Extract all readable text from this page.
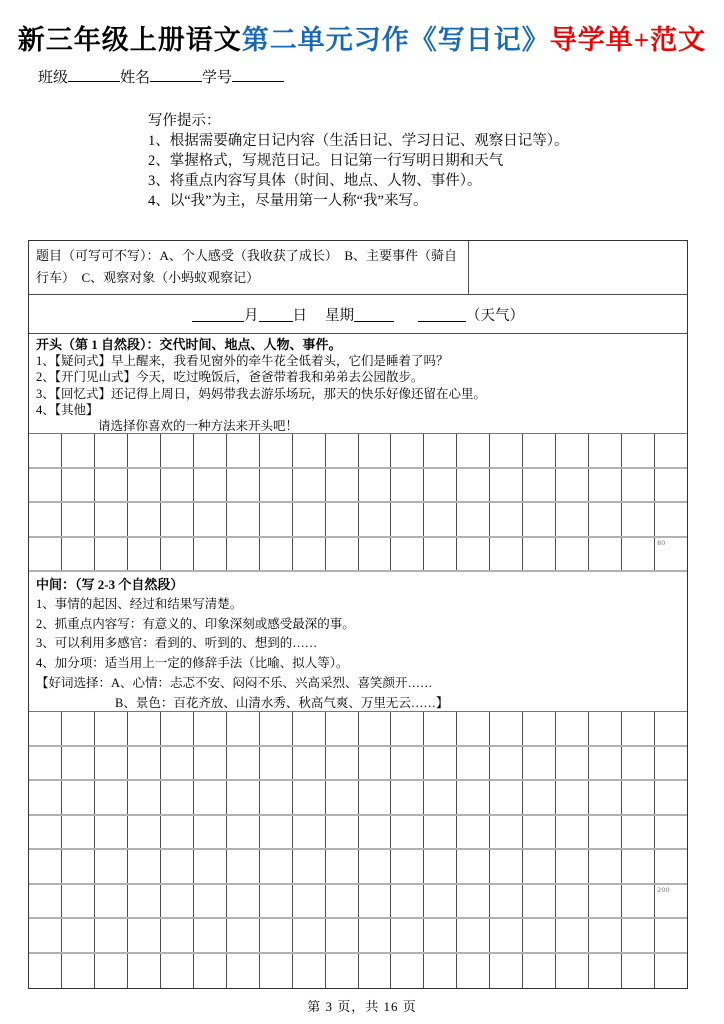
新三年级上册语文第二单元习作《写日记》导学单+范文
班级	姓名	学号
写作提示：
1、根据需要确定日记内容（生活日记、学习日记、观察日记等）。
2、掌握格式，写规范日记。日记第一行写明日期和天气
3、将重点内容写具体（时间、地点、人物、事件）。
4、以“我”为主，尽量用第一人称“我”来写。
题目（可写可不写）：A、个人感受（我收获了成长）　B、主要事件（骑自行车）　C、观察对象（小蚂蚁观察记）
月 日 星期	（天气）
开头（第 1 自然段）：交代时间、地点、人物、事件。
1、【疑问式】早上醒来，我看见窗外的牵牛花全低着头，它们是睡着了吗？
2、【开门见山式】今天，吃过晚饭后，爸爸带着我和弟弟去公园散步。
3、【回忆式】还记得上周日，妈妈带我去游乐场玩，那天的快乐好像还留在心里。
4、【其他】
请选择你喜欢的一种方法来开头吧！
80
中间：（写 2-3 个自然段）
1、事情的起因、经过和结果写清楚。
2、抓重点内容写：有意义的、印象深刻或感受最深的事。
3、可以利用多感官：看到的、听到的、想到的……
4、加分项：适当用上一定的修辞手法（比喻、拟人等）。
【好词选择：A、心情：忐忑不安、闷闷不乐、兴高采烈、喜笑颜开……
B、景色：百花齐放、山清水秀、秋高气爽、万里无云……】
200
第 3 页，共 16 页
